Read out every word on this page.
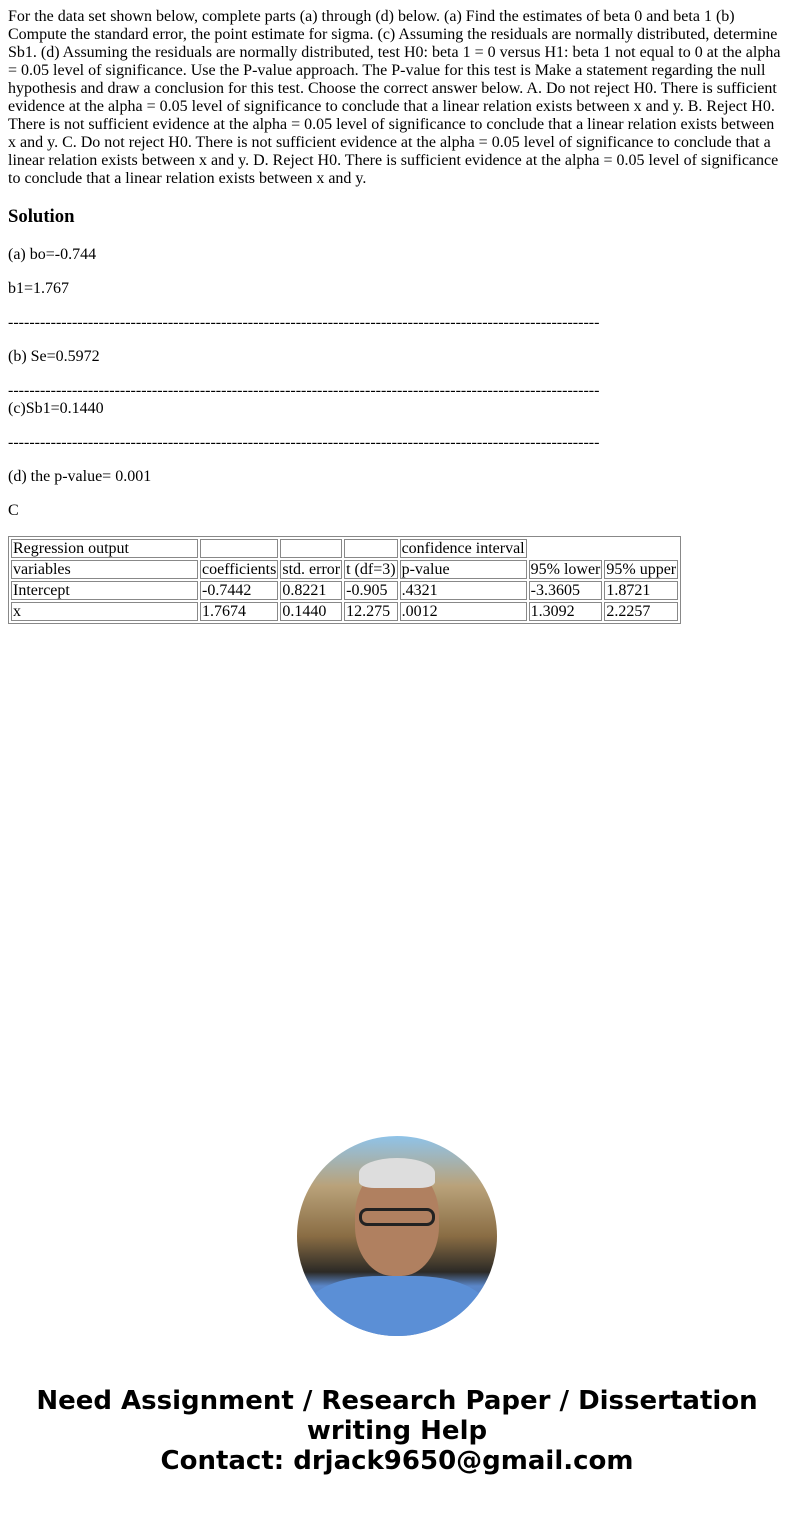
For the data set shown below, complete parts (a) through (d) below. (a) Find the estimates of beta 0 and beta 1 (b) Compute the standard error, the point estimate for sigma. (c) Assuming the residuals are normally distributed, determine Sb1. (d) Assuming the residuals are normally distributed, test H0: beta 1 = 0 versus H1: beta 1 not equal to 0 at the alpha = 0.05 level of significance. Use the P-value approach. The P-value for this test is Make a statement regarding the null hypothesis and draw a conclusion for this test. Choose the correct answer below. A. Do not reject H0. There is sufficient evidence at the alpha = 0.05 level of significance to conclude that a linear relation exists between x and y. B. Reject H0. There is not sufficient evidence at the alpha = 0.05 level of significance to conclude that a linear relation exists between x and y. C. Do not reject H0. There is not sufficient evidence at the alpha = 0.05 level of significance to conclude that a linear relation exists between x and y. D. Reject H0. There is sufficient evidence at the alpha = 0.05 level of significance to conclude that a linear relation exists between x and y.

Solution

(a) bo=-0.744

b1=1.767

---------------------------------------------------------------------------------------------------------------

(b) Se=0.5972

---------------------------------------------------------------------------------------------------------------

(c)Sb1=0.1440

---------------------------------------------------------------------------------------------------------------

(d) the p-value= 0.001

C

Regression output				confidence interval		
variables	coefficients	std. error	t (df=3)	p-value	95% lower	95% upper
Intercept	-0.7442	0.8221	-0.905	.4321	-3.3605	1.8721
x	1.7674	0.1440	12.275	.0012	1.3092	2.2257
Need Assignment / Research Paper / Dissertation
writing Help
Contact: drjack9650@gmail.com
